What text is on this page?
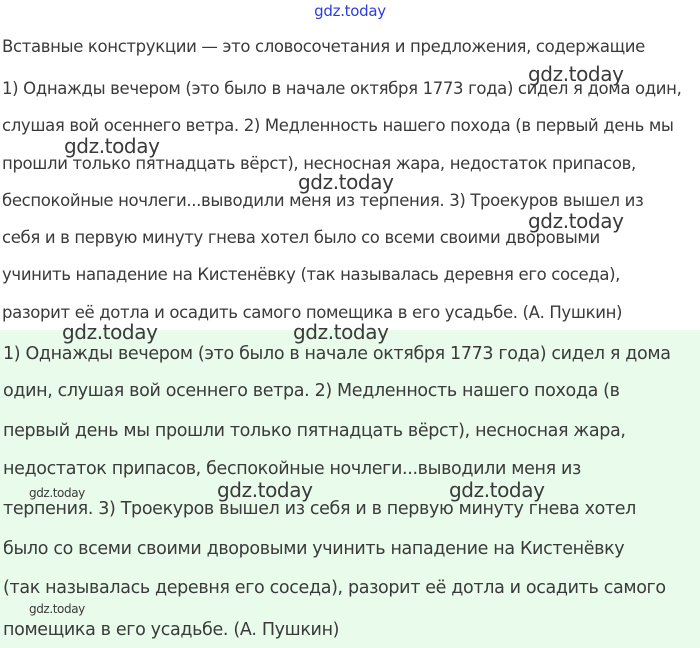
gdz.today
Вставные конструкции — это словосочетания и предложения, содержащие
1) Однажды вечером (это было в начале октября 1773 года) сидел я дома один,
слушая вой осеннего ветра. 2) Медленность нашего похода (в первый день мы
прошли только пятнадцать вёрст), несносная жара, недостаток припасов,
беспокойные ночлеги...выводили меня из терпения. 3) Троекуров вышел из
себя и в первую минуту гнева хотел было со всеми своими дворовыми
учинить нападение на Кистенёвку (так называлась деревня его соседа),
разорит её дотла и осадить самого помещика в его усадьбе. (А. Пушкин)
1) Однажды вечером (это было в начале октября 1773 года) сидел я дома
один, слушая вой осеннего ветра. 2) Медленность нашего похода (в
первый день мы прошли только пятнадцать вёрст), несносная жара,
недостаток припасов, беспокойные ночлеги...выводили меня из
терпения. 3) Троекуров вышел из себя и в первую минуту гнева хотел
было со всеми своими дворовыми учинить нападение на Кистенёвку
(так называлась деревня его соседа), разорит её дотла и осадить самого
помещика в его усадьбе. (А. Пушкин)
gdz.today
gdz.today
gdz.today
gdz.today
gdz.today	gdz.today
gdz.today	gdz.today	gdz.today
gdz.today
